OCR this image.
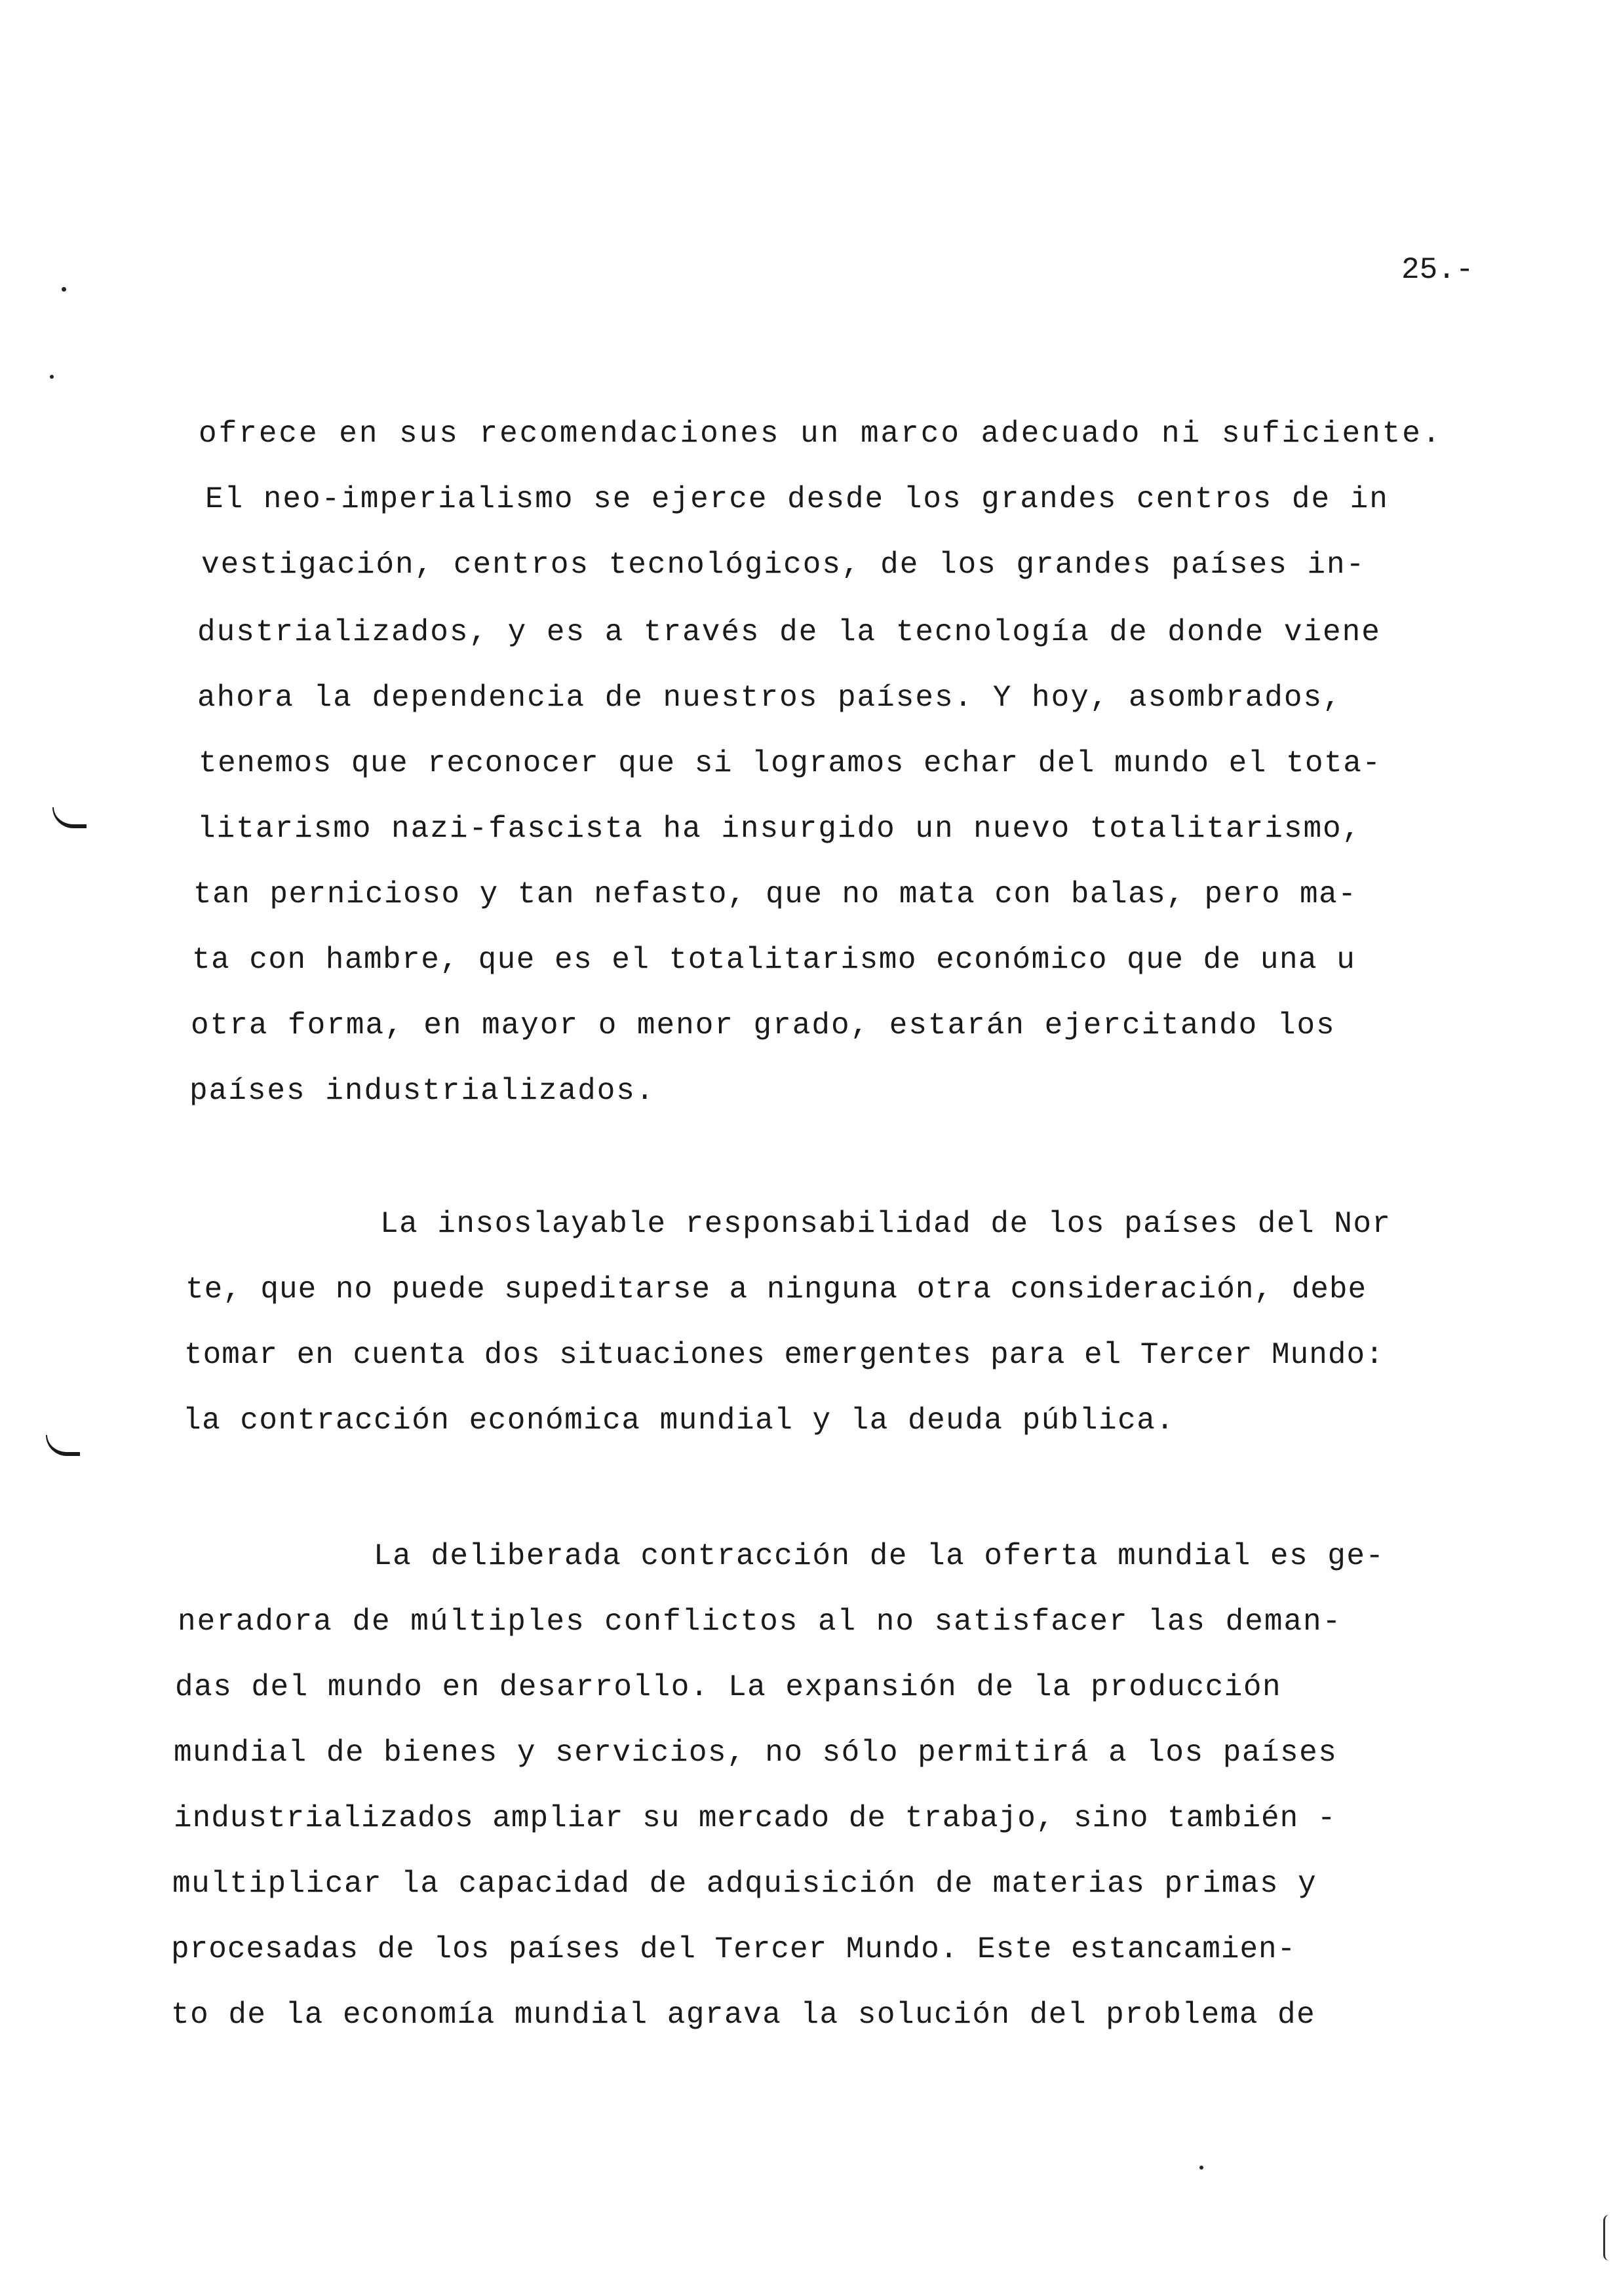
25.-
ofrece en sus recomendaciones un marco adecuado ni suficiente.
El neo-imperialismo se ejerce desde los grandes centros de in
vestigación, centros tecnológicos, de los grandes países in-
dustrializados, y es a través de la tecnología de donde viene
ahora la dependencia de nuestros países. Y hoy, asombrados,
tenemos que reconocer que si logramos echar del mundo el tota-
litarismo nazi-fascista ha insurgido un nuevo totalitarismo,
tan pernicioso y tan nefasto, que no mata con balas, pero ma-
ta con hambre, que es el totalitarismo económico que de una u
otra forma, en mayor o menor grado, estarán ejercitando los
países industrializados.
La insoslayable responsabilidad de los países del Nor
te, que no puede supeditarse a ninguna otra consideración, debe
tomar en cuenta dos situaciones emergentes para el Tercer Mundo:
la contracción económica mundial y la deuda pública.
La deliberada contracción de la oferta mundial es ge-
neradora de múltiples conflictos al no satisfacer las deman-
das del mundo en desarrollo. La expansión de la producción
mundial de bienes y servicios, no sólo permitirá a los países
industrializados ampliar su mercado de trabajo, sino también -
multiplicar la capacidad de adquisición de materias primas y
procesadas de los países del Tercer Mundo. Este estancamien-
to de la economía mundial agrava la solución del problema de
